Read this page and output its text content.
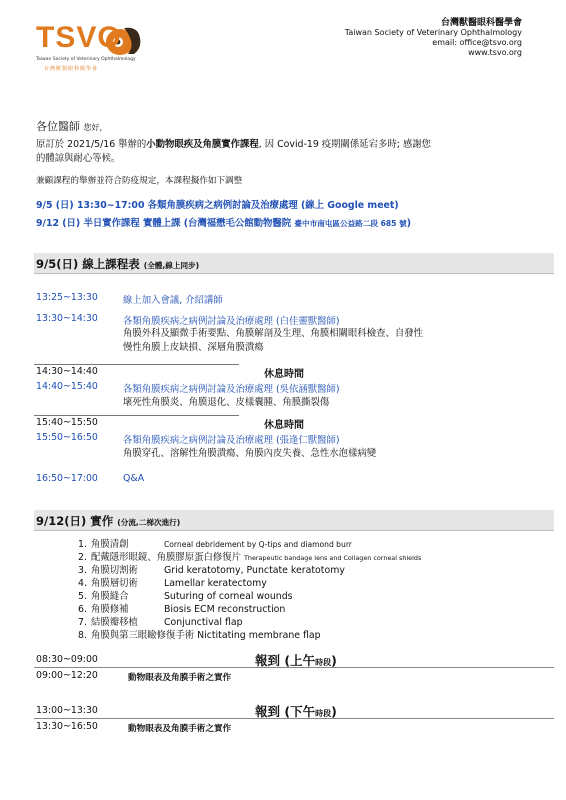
TSVO
Taiwan Society of Veterinary Ophthalmology
台灣獸醫眼科醫學會
台灣獸醫眼科醫學會
Taiwan Society of Veterinary Ophthalmology
email: office@tsvo.org
www.tsvo.org
各位醫師 您好，
原訂於 2021/5/16 舉辦的小動物眼疾及角膜實作課程, 因 Covid-19 疫期關係延宕多時; 感謝您
的體諒與耐心等候。
兼顧課程的舉辦並符合防疫規定，本課程擬作如下調整
9/5 (日) 13:30~17:00 各類角膜疾病之病例討論及治療處理 (線上 Google meet)
9/12 (日) 半日實作課程 實體上課 (台灣福懋毛公館動物醫院 臺中市南屯區公益路二段 685 號)
9/5(日) 線上課程表 (全體,線上同步)
13:25~13:30	線上加入會議, 介紹講師
13:30~14:30	各類角膜疾病之病例討論及治療處理 (白佳靈獸醫師)
角膜外科及顯微手術要點、角膜解剖及生理、角膜相關眼科檢查、自發性慢性角膜上皮缺損、深層角膜潰瘍
14:30~14:40	休息時間
14:40~15:40	各類角膜疾病之病例討論及治療處理 (吳依涵獸醫師)
壞死性角膜炎、角膜退化、皮樣囊腫、角膜撕裂傷
15:40~15:50	休息時間
15:50~16:50	各類角膜疾病之病例討論及治療處理 (張逢仁獸醫師)
角膜穿孔、溶解性角膜潰瘍、角膜內皮失養、急性水泡樣病變
16:50~17:00	Q&A
9/12(日) 實作 (分流,二梯次進行)
1. 角膜清創	Corneal debridement by Q-tips and diamond burr
2. 配戴隱形眼鏡、角膜膠原蛋白修復片 Therapeutic bandage lens and Collagen corneal shields
3. 角膜切割術	Grid keratotomy, Punctate keratotomy
4. 角膜層切術	Lamellar keratectomy
5. 角膜縫合	Suturing of corneal wounds
6. 角膜修補	Biosis ECM reconstruction
7. 結膜瓣移植	Conjunctival flap
8. 角膜與第三眼瞼修復手術 Nictitating membrane flap
08:30~09:00	報到 (上午時段)
09:00~12:20	動物眼表及角膜手術之實作
13:00~13:30	報到 (下午時段)
13:30~16:50	動物眼表及角膜手術之實作
